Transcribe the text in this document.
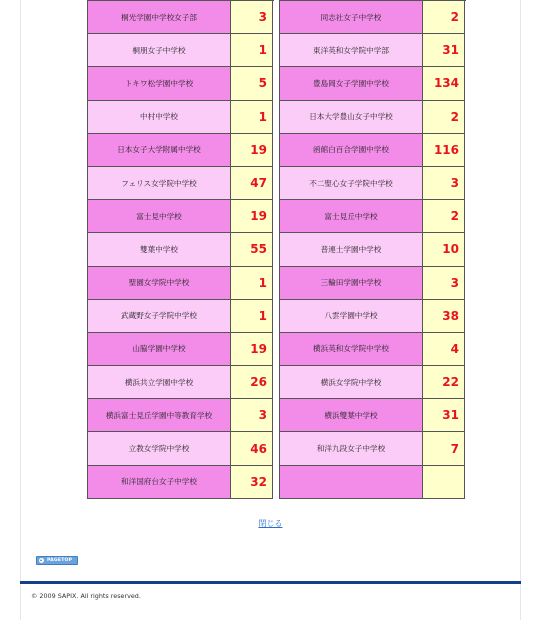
桐光学園中学校女子部	3
桐朋女子中学校	1
トキワ松学園中学校	5
中村中学校	1
日本女子大学附属中学校	19
フェリス女学院中学校	47
富士見中学校	19
雙葉中学校	55
聖園女学院中学校	1
武蔵野女子学院中学校	1
山脇学園中学校	19
横浜共立学園中学校	26
横浜富士見丘学園中等教育学校	3
立教女学院中学校	46
和洋国府台女子中学校	32
同志社女子中学校	2
東洋英和女学院中学部	31
豊島岡女子学園中学校	134
日本大学豊山女子中学校	2
函館白百合学園中学校	116
不二聖心女子学院中学校	3
富士見丘中学校	2
普連土学園中学校	10
三輪田学園中学校	3
八雲学園中学校	38
横浜英和女学院中学校	4
横浜女学院中学校	22
横浜雙葉中学校	31
和洋九段女子中学校	7
閉じる
PAGETOP
© 2009 SAPIX. All rights reserved.
